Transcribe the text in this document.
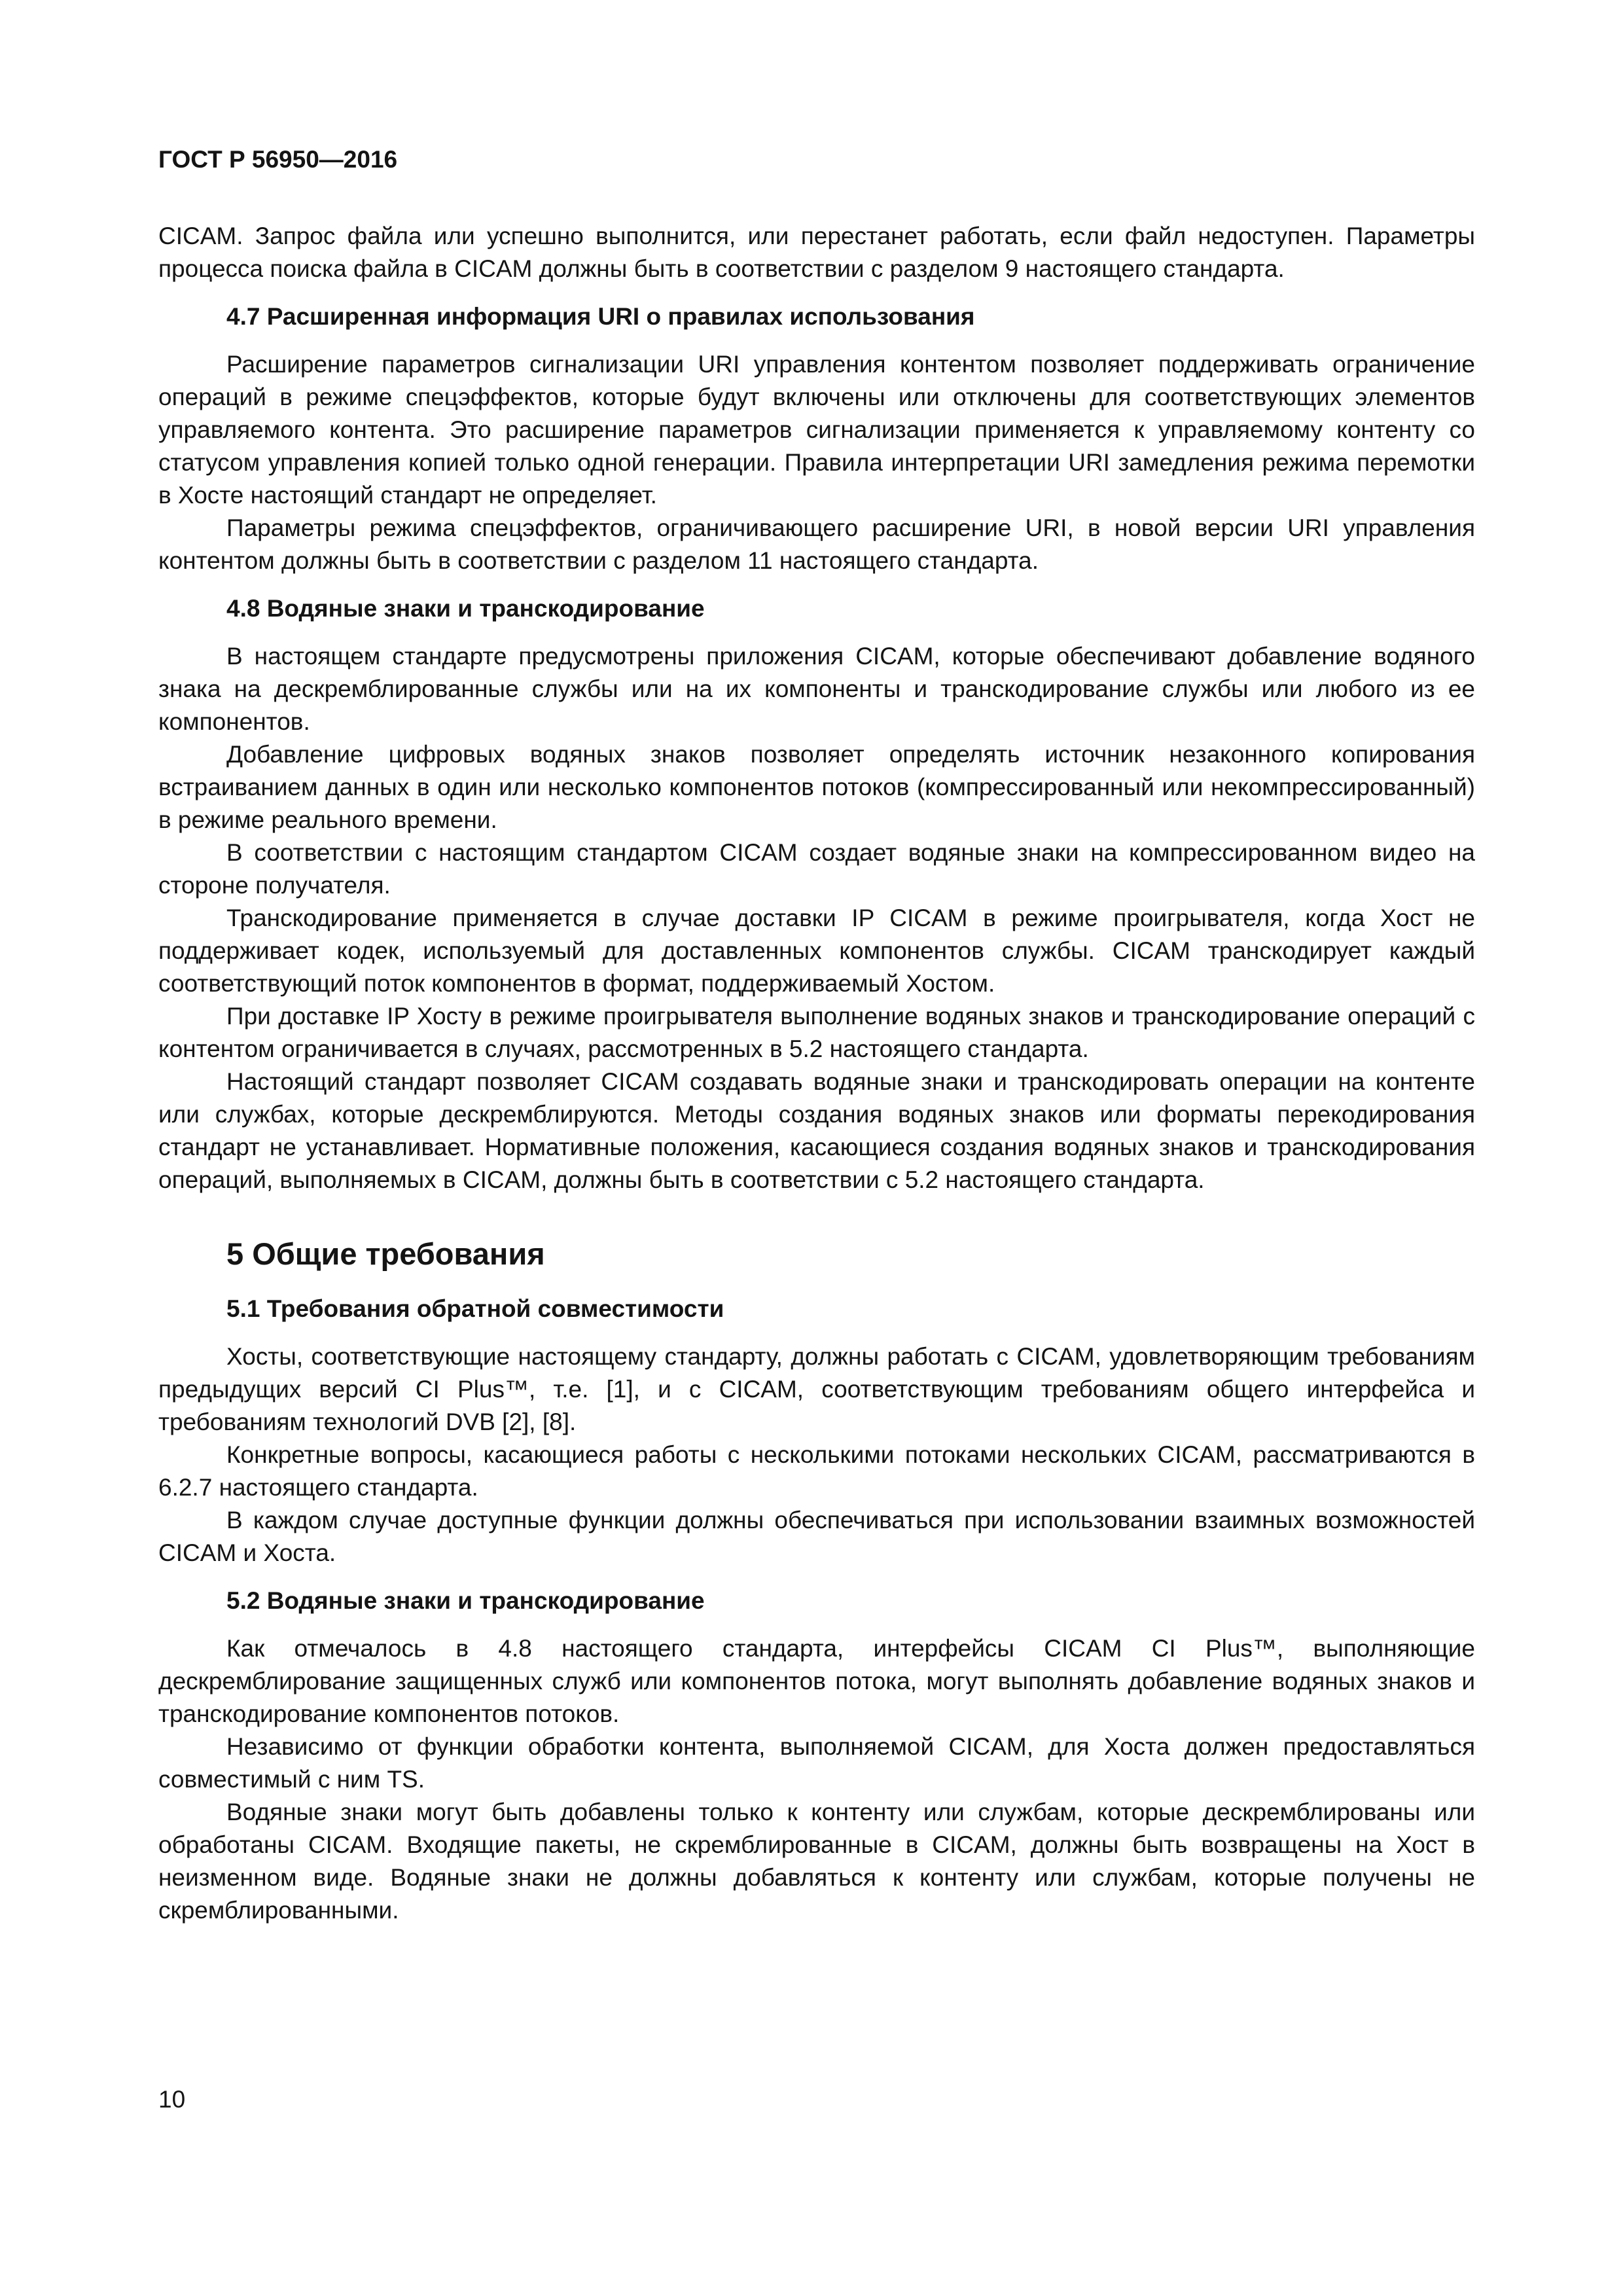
ГОСТ Р 56950—2016

CICAM. Запрос файла или успешно выполнится, или перестанет работать, если файл недоступен. Параметры процесса поиска файла в CICAM должны быть в соответствии с разделом 9 настоящего стандарта.

4.7 Расширенная информация URI о правилах использования

Расширение параметров сигнализации URI управления контентом позволяет поддерживать ограничение операций в режиме спецэффектов, которые будут включены или отключены для соответствующих элементов управляемого контента. Это расширение параметров сигнализации применяется к управляемому контенту со статусом управления копией только одной генерации. Правила интерпретации URI замедления режима перемотки в Хосте настоящий стандарт не определяет.

Параметры режима спецэффектов, ограничивающего расширение URI, в новой версии URI управления контентом должны быть в соответствии с разделом 11 настоящего стандарта.

4.8 Водяные знаки и транскодирование

В настоящем стандарте предусмотрены приложения CICAM, которые обеспечивают добавление водяного знака на дескремблированные службы или на их компоненты и транскодирование службы или любого из ее компонентов.

Добавление цифровых водяных знаков позволяет определять источник незаконного копирования встраиванием данных в один или несколько компонентов потоков (компрессированный или некомпрессированный) в режиме реального времени.

В соответствии с настоящим стандартом CICAM создает водяные знаки на компрессированном видео на стороне получателя.

Транскодирование применяется в случае доставки IP CICAM в режиме проигрывателя, когда Хост не поддерживает кодек, используемый для доставленных компонентов службы. CICAM транскодирует каждый соответствующий поток компонентов в формат, поддерживаемый Хостом.

При доставке IP Хосту в режиме проигрывателя выполнение водяных знаков и транскодирование операций с контентом ограничивается в случаях, рассмотренных в 5.2 настоящего стандарта.

Настоящий стандарт позволяет CICAM создавать водяные знаки и транскодировать операции на контенте или службах, которые дескремблируются. Методы создания водяных знаков или форматы перекодирования стандарт не устанавливает. Нормативные положения, касающиеся создания водяных знаков и транскодирования операций, выполняемых в CICAM, должны быть в соответствии с 5.2 настоящего стандарта.

5 Общие требования
5.1 Требования обратной совместимости

Хосты, соответствующие настоящему стандарту, должны работать с CICAM, удовлетворяющим требованиям предыдущих версий CI Plus™, т.е. [1], и с CICAM, соответствующим требованиям общего интерфейса и требованиям технологий DVB [2], [8].

Конкретные вопросы, касающиеся работы с несколькими потоками нескольких CICAM, рассматриваются в 6.2.7 настоящего стандарта.

В каждом случае доступные функции должны обеспечиваться при использовании взаимных возможностей CICAM и Хоста.

5.2 Водяные знаки и транскодирование

Как отмечалось в 4.8 настоящего стандарта, интерфейсы CICAM CI Plus™, выполняющие дескремблирование защищенных служб или компонентов потока, могут выполнять добавление водяных знаков и транскодирование компонентов потоков.

Независимо от функции обработки контента, выполняемой CICAM, для Хоста должен предоставляться совместимый с ним TS.

Водяные знаки могут быть добавлены только к контенту или службам, которые дескремблированы или обработаны CICAM. Входящие пакеты, не скремблированные в CICAM, должны быть возвращены на Хост в неизменном виде. Водяные знаки не должны добавляться к контенту или службам, которые получены не скремблированными.

10
